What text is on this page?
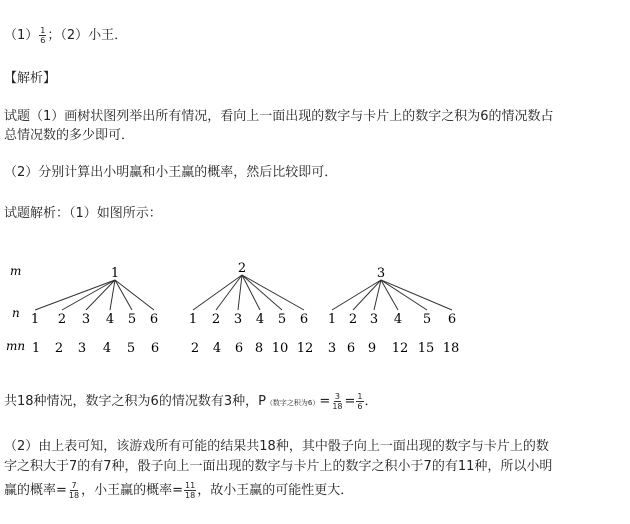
$(1) \frac{1}{6}$ ；（2）小王．
【解析】
试题（1）画树状图列举出所有情况，看向上一面出现的数字与卡片上的数字之积为6的情况数占
总情况数的多少即可．
（2）分别计算出小明赢和小王赢的概率，然后比较即可．
试题解析：（1）如图所示：
m
n
mn
1
1 2 3 4 5 6
1 2 3 4 5 6
2
1 2 3 4 5 6
2 4 6 8 10 12
3
1 2 3 4 5 6
3 6 9 12 15 18
共18种情况，数字之积为6的情况数有3种，P（数字之积为$6)= \frac{3}{18} = \frac{1}{6}$ ．
（2）由上表可知，该游戏所有可能的结果共18种，其中骰子向上一面出现的数字与卡片上的数
字之积大于7的有7种，骰子向上一面出现的数字与卡片上的数字之积小于7的有11种，所以小明
赢的概率= $\frac{7}{18}$ ，小王赢的概率= $\frac{11}{18}$ ，故小王赢的可能性更大．
